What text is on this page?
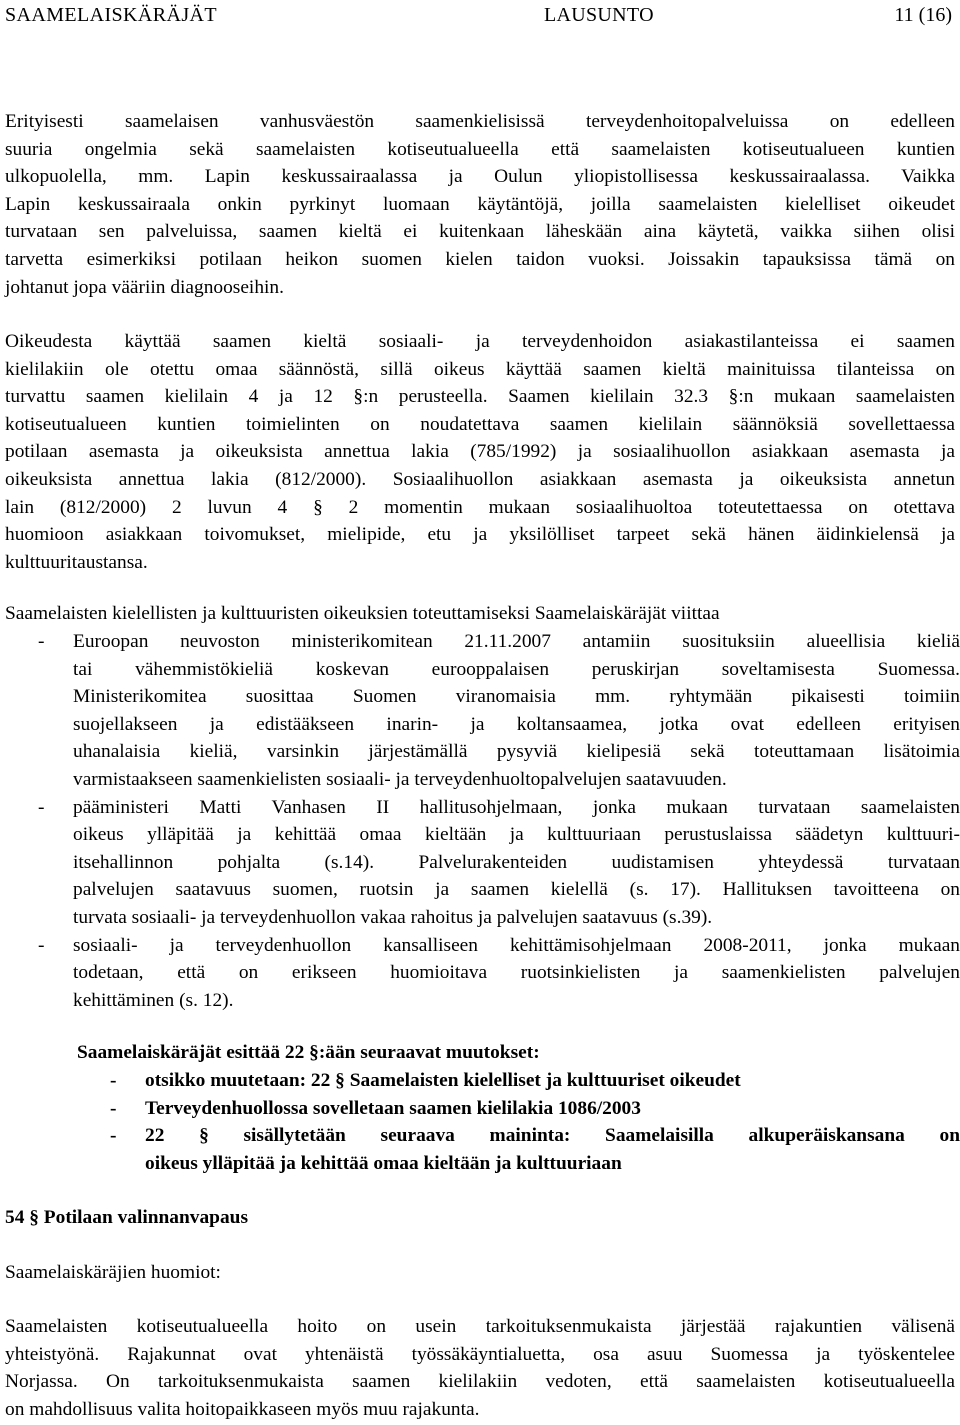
SAAMELAISKÄRÄJÄT	LAUSUNTO	11 (16)
Erityisesti saamelaisen vanhusväestön saamenkielisissä terveydenhoitopalveluissa on edelleen
suuria ongelmia sekä saamelaisten kotiseutualueella että saamelaisten kotiseutualueen kuntien
ulkopuolella, mm. Lapin keskussairaalassa ja Oulun yliopistollisessa keskussairaalassa. Vaikka
Lapin keskussairaala onkin pyrkinyt luomaan käytäntöjä, joilla saamelaisten kielelliset oikeudet
turvataan sen palveluissa, saamen kieltä ei kuitenkaan läheskään aina käytetä, vaikka siihen olisi
tarvetta esimerkiksi potilaan heikon suomen kielen taidon vuoksi. Joissakin tapauksissa tämä on
johtanut jopa vääriin diagnooseihin.
Oikeudesta käyttää saamen kieltä sosiaali- ja terveydenhoidon asiakastilanteissa ei saamen
kielilakiin ole otettu omaa säännöstä, sillä oikeus käyttää saamen kieltä mainituissa tilanteissa on
turvattu saamen kielilain 4 ja 12 §:n perusteella. Saamen kielilain 32.3 §:n mukaan saamelaisten
kotiseutualueen kuntien toimielinten on noudatettava saamen kielilain säännöksiä sovellettaessa
potilaan asemasta ja oikeuksista annettua lakia (785/1992) ja sosiaalihuollon asiakkaan asemasta ja
oikeuksista annettua lakia (812/2000). Sosiaalihuollon asiakkaan asemasta ja oikeuksista annetun
lain (812/2000) 2 luvun 4 § 2 momentin mukaan sosiaalihuoltoa toteutettaessa on otettava
huomioon asiakkaan toivomukset, mielipide, etu ja yksilölliset tarpeet sekä hänen äidinkielensä ja
kulttuuritaustansa.
Saamelaisten kielellisten ja kulttuuristen oikeuksien toteuttamiseksi Saamelaiskäräjät viittaa
- Euroopan neuvoston ministerikomitean 21.11.2007 antamiin suosituksiin alueellisia kieliä
tai vähemmistökieliä koskevan eurooppalaisen peruskirjan soveltamisesta Suomessa.
Ministerikomitea suosittaa Suomen viranomaisia mm. ryhtymään pikaisesti toimiin
suojellakseen ja edistääkseen inarin- ja koltansaamea, jotka ovat edelleen erityisen
uhanalaisia kieliä, varsinkin järjestämällä pysyviä kielipesiä sekä toteuttamaan lisätoimia
varmistaakseen saamenkielisten sosiaali- ja terveydenhuoltopalvelujen saatavuuden.
- pääministeri Matti Vanhasen II hallitusohjelmaan, jonka mukaan turvataan saamelaisten
oikeus ylläpitää ja kehittää omaa kieltään ja kulttuuriaan perustuslaissa säädetyn kulttuuri-
itsehallinnon pohjalta (s.14). Palvelurakenteiden uudistamisen yhteydessä turvataan
palvelujen saatavuus suomen, ruotsin ja saamen kielellä (s. 17). Hallituksen tavoitteena on
turvata sosiaali- ja terveydenhuollon vakaa rahoitus ja palvelujen saatavuus (s.39).
- sosiaali- ja terveydenhuollon kansalliseen kehittämisohjelmaan 2008-2011, jonka mukaan
todetaan, että on erikseen huomioitava ruotsinkielisten ja saamenkielisten palvelujen
kehittäminen (s. 12).
Saamelaiskäräjät esittää 22 §:ään seuraavat muutokset:
- otsikko muutetaan: 22 § Saamelaisten kielelliset ja kulttuuriset oikeudet
- Terveydenhuollossa sovelletaan saamen kielilakia 1086/2003
- 22 § sisällytetään seuraava maininta: Saamelaisilla alkuperäiskansana on
oikeus ylläpitää ja kehittää omaa kieltään ja kulttuuriaan
54 § Potilaan valinnanvapaus
Saamelaiskäräjien huomiot:
Saamelaisten kotiseutualueella hoito on usein tarkoituksenmukaista järjestää rajakuntien välisenä
yhteistyönä. Rajakunnat ovat yhtenäistä työssäkäyntialuetta, osa asuu Suomessa ja työskentelee
Norjassa. On tarkoituksenmukaista saamen kielilakiin vedoten, että saamelaisten kotiseutualueella
on mahdollisuus valita hoitopaikkaseen myös muu rajakunta.
